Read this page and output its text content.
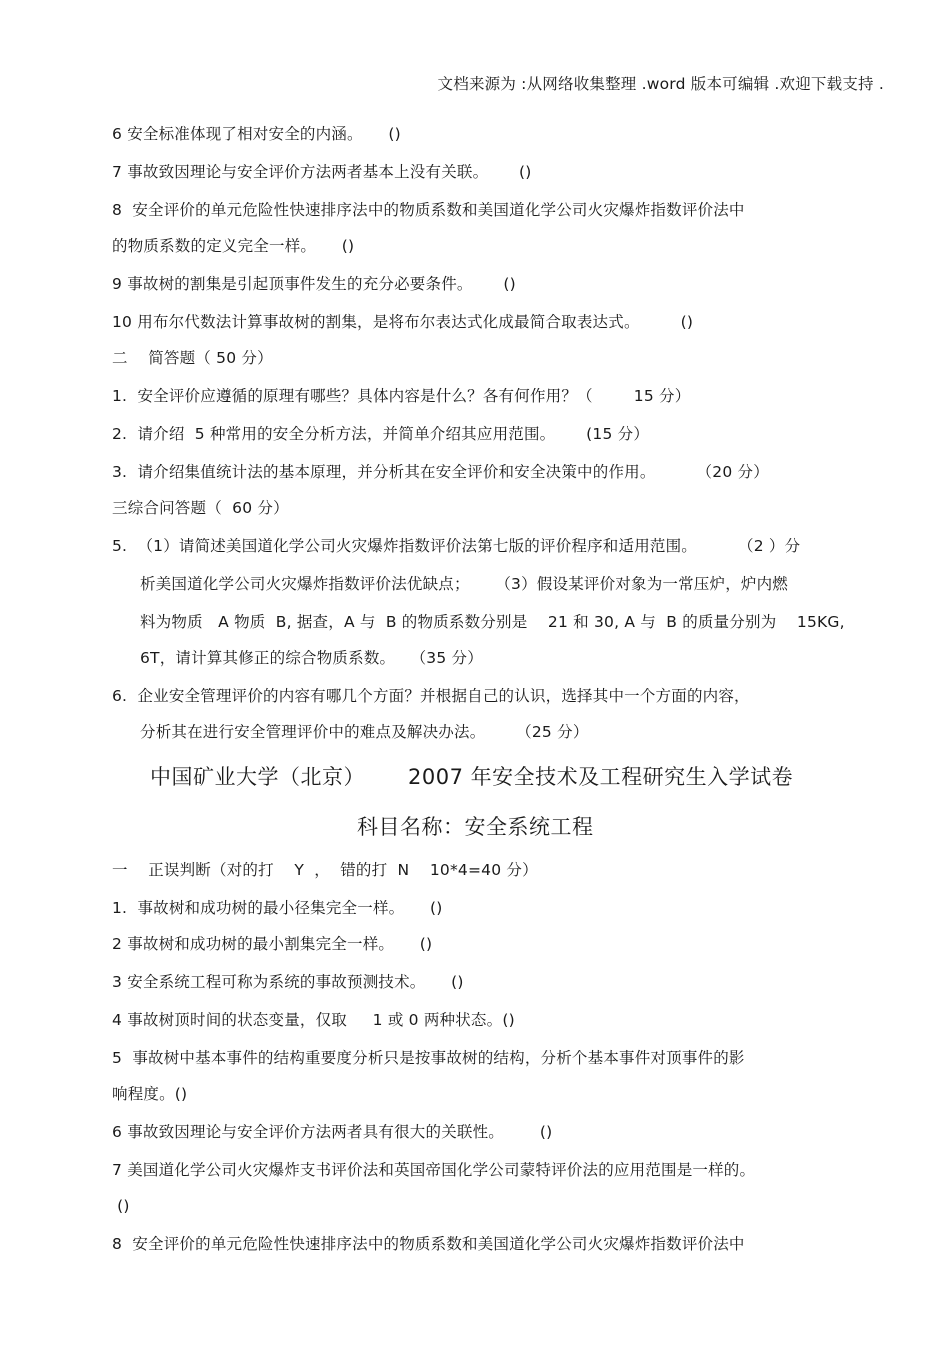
文档来源为 :从网络收集整理 .word 版本可编辑 .欢迎下载支持 .
6 安全标准体现了相对安全的内涵。     ()
7 事故致因理论与安全评价方法两者基本上没有关联。      ()
8  安全评价的单元危险性快速排序法中的物质系数和美国道化学公司火灾爆炸指数评价法中
的物质系数的定义完全一样。     ()
9 事故树的割集是引起顶事件发生的充分必要条件。      ()
10 用布尔代数法计算事故树的割集，是将布尔表达式化成最简合取表达式。        ()
二    简答题（ 50 分）
1.  安全评价应遵循的原理有哪些？具体内容是什么？各有何作用？（        15 分）
2.  请介绍  5 种常用的安全分析方法，并简单介绍其应用范围。      (15 分）
3.  请介绍集值统计法的基本原理，并分析其在安全评价和安全决策中的作用。        （20 分）
三综合问答题（  60 分）
5.  （1）请简述美国道化学公司火灾爆炸指数评价法第七版的评价程序和适用范围。        （2 ）分
析美国道化学公司火灾爆炸指数评价法优缺点；     （3）假设某评价对象为一常压炉，炉内燃
料为物质   A 物质  B, 据查，A 与  B 的物质系数分别是    21 和 30, A 与  B 的质量分别为    15KG,
6T，请计算其修正的综合物质系数。   （35 分）
6.  企业安全管理评价的内容有哪几个方面？并根据自己的认识，选择其中一个方面的内容，
分析其在进行安全管理评价中的难点及解决办法。      （25 分）
中国矿业大学（北京）      2007 年安全技术及工程研究生入学试卷
科目名称：安全系统工程
一    正误判断（对的打    Y  ，  错的打  N    10*4=40 分）
1.  事故树和成功树的最小径集完全一样。     ()
2 事故树和成功树的最小割集完全一样。     ()
3 安全系统工程可称为系统的事故预测技术。     ()
4 事故树顶时间的状态变量，仅取     1 或 0 两种状态。()
5  事故树中基本事件的结构重要度分析只是按事故树的结构，分析个基本事件对顶事件的影
响程度。()
6 事故致因理论与安全评价方法两者具有很大的关联性。       ()
7 美国道化学公司火灾爆炸支书评价法和英国帝国化学公司蒙特评价法的应用范围是一样的。
()
8  安全评价的单元危险性快速排序法中的物质系数和美国道化学公司火灾爆炸指数评价法中
